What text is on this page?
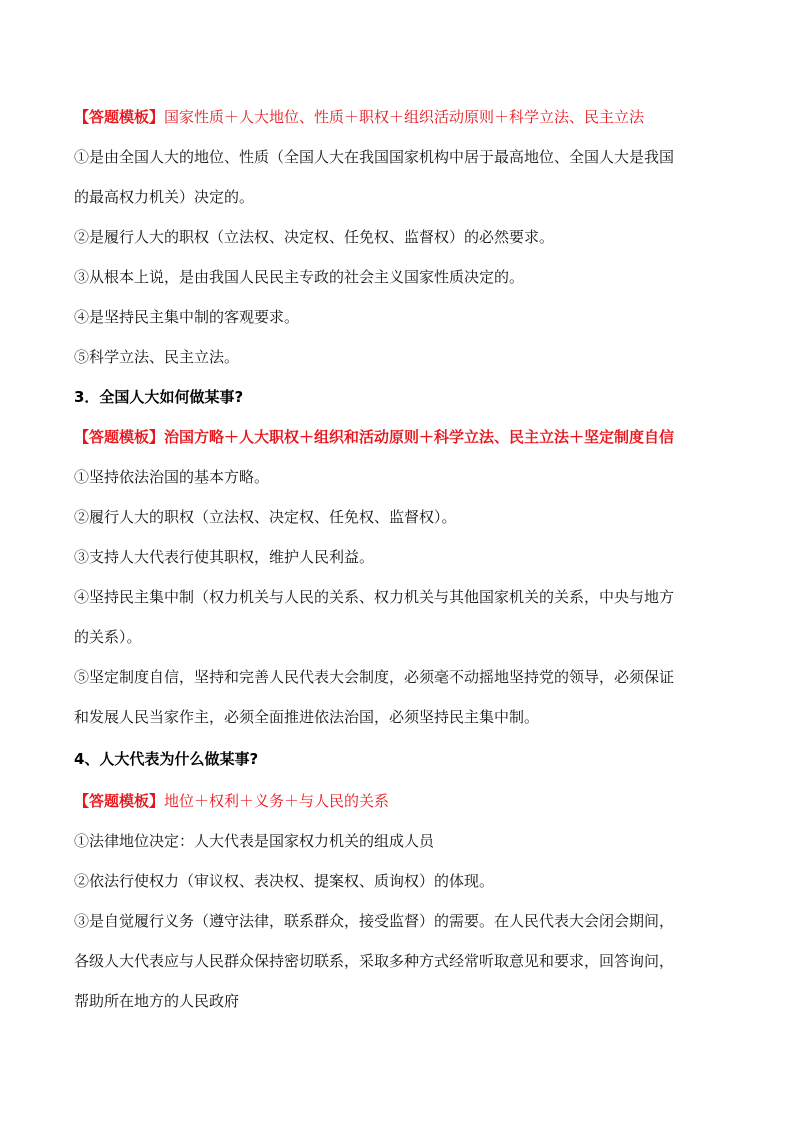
【答题模板】国家性质＋人大地位、性质＋职权＋组织活动原则＋科学立法、民主立法
①是由全国人大的地位、性质（全国人大在我国国家机构中居于最高地位、全国人大是我国
的最高权力机关）决定的。
②是履行人大的职权（立法权、决定权、任免权、监督权）的必然要求。
③从根本上说，是由我国人民民主专政的社会主义国家性质决定的。
④是坚持民主集中制的客观要求。
⑤科学立法、民主立法。
3．全国人大如何做某事?
【答题模板】治国方略＋人大职权＋组织和活动原则＋科学立法、民主立法＋坚定制度自信
①坚持依法治国的基本方略。
②履行人大的职权（立法权、决定权、任免权、监督权）。
③支持人大代表行使其职权，维护人民利益。
④坚持民主集中制（权力机关与人民的关系、权力机关与其他国家机关的关系，中央与地方
的关系）。
⑤坚定制度自信，坚持和完善人民代表大会制度，必须毫不动摇地坚持党的领导，必须保证
和发展人民当家作主，必须全面推进依法治国，必须坚持民主集中制。
4、人大代表为什么做某事?
【答题模板】地位＋权利＋义务＋与人民的关系
①法律地位决定：人大代表是国家权力机关的组成人员
②依法行使权力（审议权、表决权、提案权、质询权）的体现。
③是自觉履行义务（遵守法律，联系群众，接受监督）的需要。在人民代表大会闭会期间，
各级人大代表应与人民群众保持密切联系，采取多种方式经常听取意见和要求，回答询问，
帮助所在地方的人民政府
